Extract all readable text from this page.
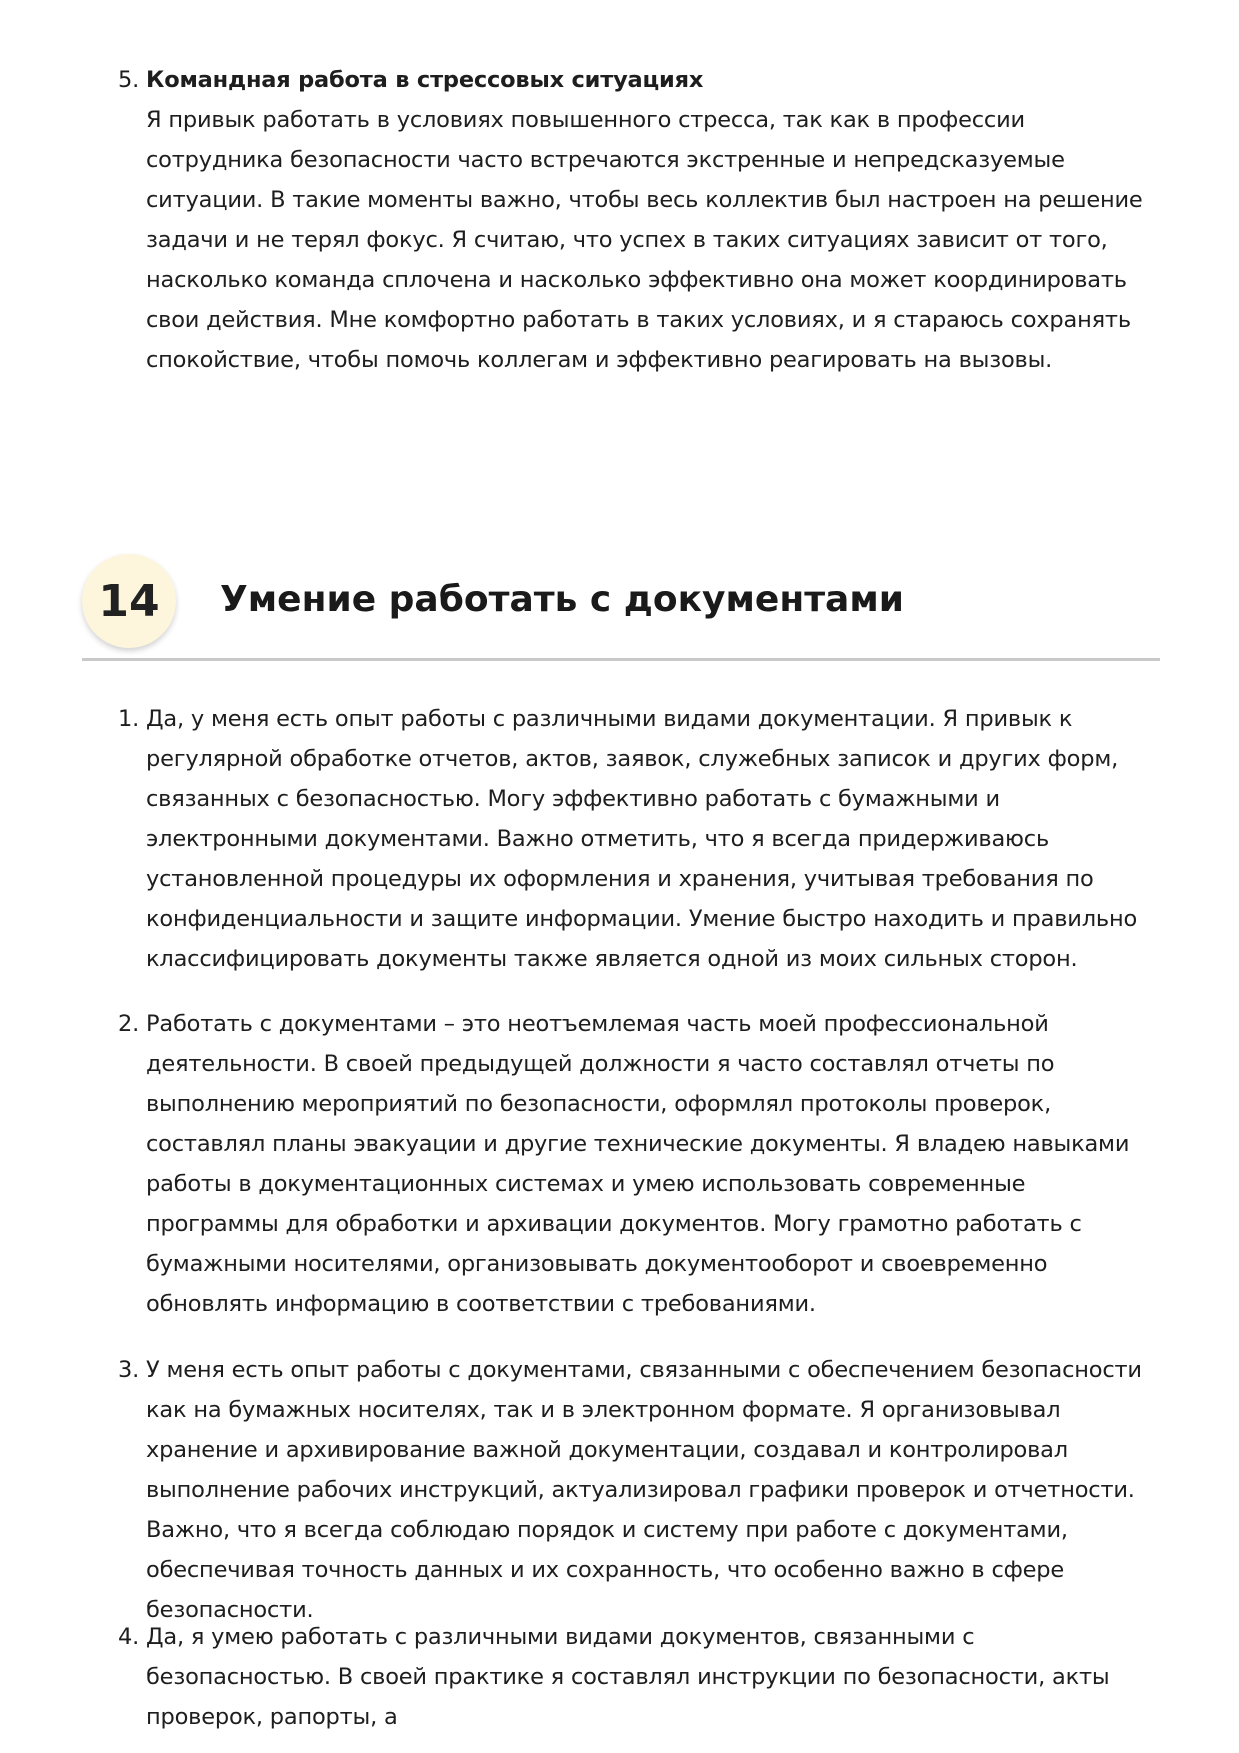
5. Командная работа в стрессовых ситуациях
Я привык работать в условиях повышенного стресса, так как в профессии сотрудника безопасности часто встречаются экстренные и непредсказуемые ситуации. В такие моменты важно, чтобы весь коллектив был настроен на решение задачи и не терял фокус. Я считаю, что успех в таких ситуациях зависит от того, насколько команда сплочена и насколько эффективно она может координировать свои действия. Мне комфортно работать в таких условиях, и я стараюсь сохранять спокойствие, чтобы помочь коллегам и эффективно реагировать на вызовы.
14	Умение работать с документами
1. Да, у меня есть опыт работы с различными видами документации. Я привык к регулярной обработке отчетов, актов, заявок, служебных записок и других форм, связанных с безопасностью. Могу эффективно работать с бумажными и электронными документами. Важно отметить, что я всегда придерживаюсь установленной процедуры их оформления и хранения, учитывая требования по конфиденциальности и защите информации. Умение быстро находить и правильно классифицировать документы также является одной из моих сильных сторон.
2. Работать с документами – это неотъемлемая часть моей профессиональной деятельности. В своей предыдущей должности я часто составлял отчеты по выполнению мероприятий по безопасности, оформлял протоколы проверок, составлял планы эвакуации и другие технические документы. Я владею навыками работы в документационных системах и умею использовать современные программы для обработки и архивации документов. Могу грамотно работать с бумажными носителями, организовывать документооборот и своевременно обновлять информацию в соответствии с требованиями.
3. У меня есть опыт работы с документами, связанными с обеспечением безопасности как на бумажных носителях, так и в электронном формате. Я организовывал хранение и архивирование важной документации, создавал и контролировал выполнение рабочих инструкций, актуализировал графики проверок и отчетности. Важно, что я всегда соблюдаю порядок и систему при работе с документами, обеспечивая точность данных и их сохранность, что особенно важно в сфере безопасности.
4. Да, я умею работать с различными видами документов, связанными с безопасностью. В своей практике я составлял инструкции по безопасности, акты проверок, рапорты, а
